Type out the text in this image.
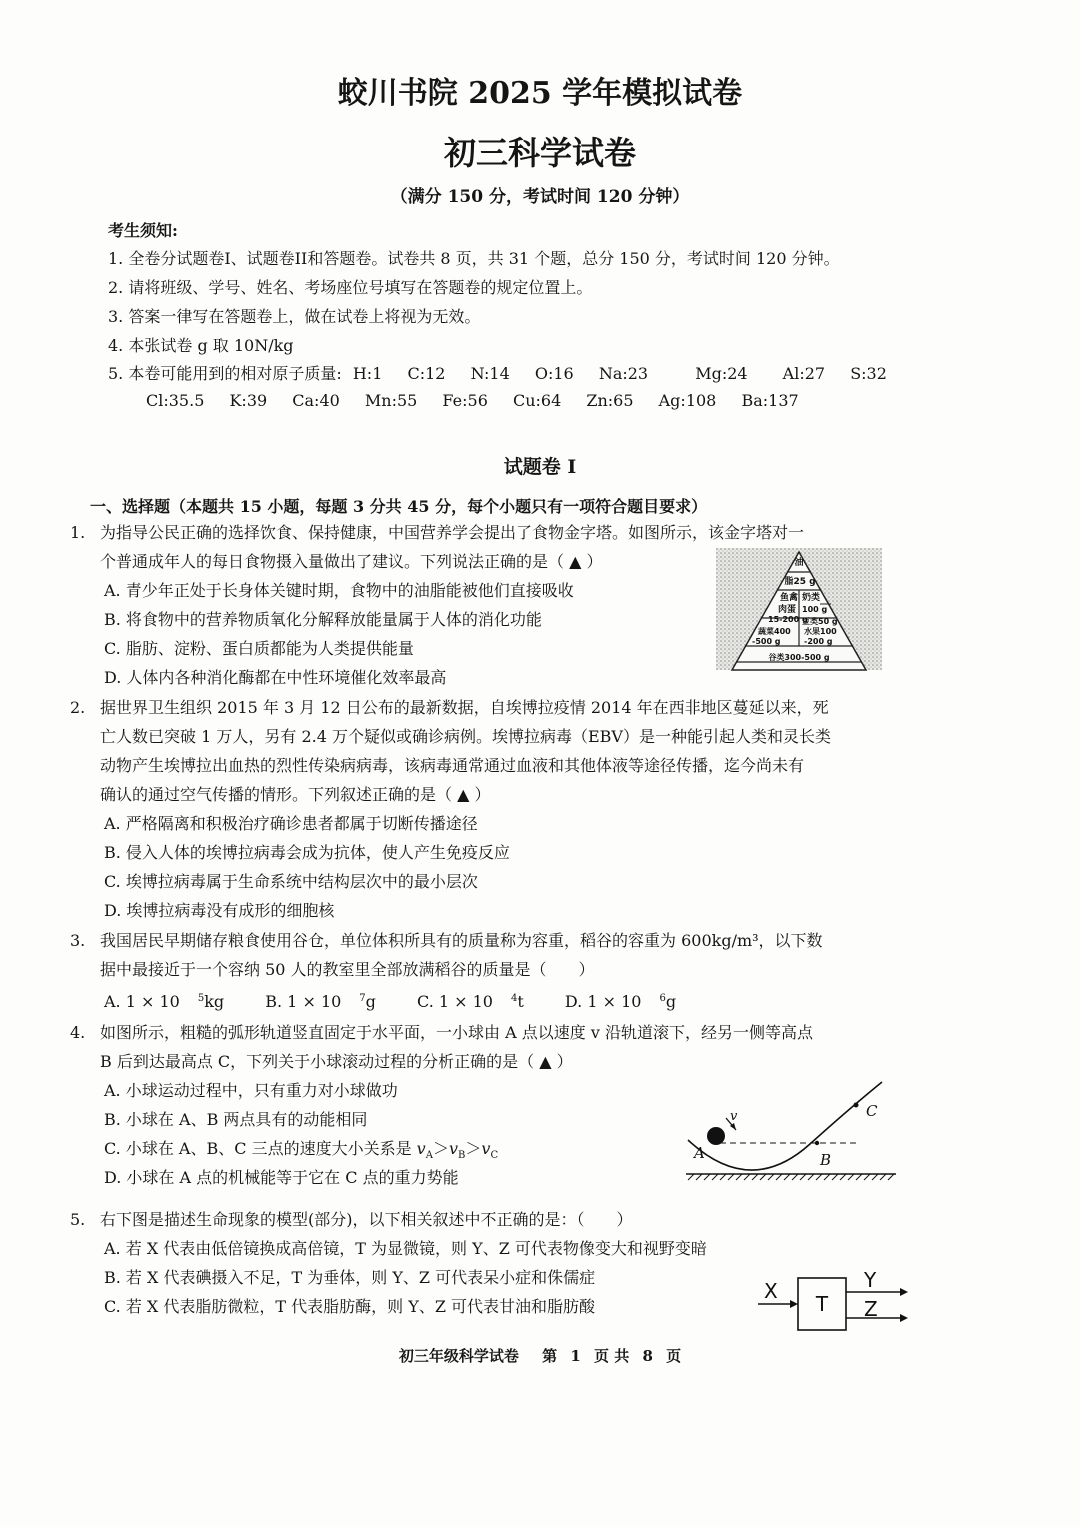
蛟川书院 2025 学年模拟试卷
初三科学试卷
（满分 150 分，考试时间 120 分钟）
考生须知:
1. 全卷分试题卷I、试题卷II和答题卷。试卷共 8 页，共 31 个题，总分 150 分，考试时间 120 分钟。
2. 请将班级、学号、姓名、考场座位号填写在答题卷的规定位置上。
3. 答案一律写在答题卷上，做在试卷上将视为无效。
4. 本张试卷 g 取 10N/kg
5. 本卷可能用到的相对原子质量: H:1 C:12 N:14 O:16 Na:23	Mg:24 Al:27 S:32
Cl:35.5 K:39 Ca:40 Mn:55 Fe:56 Cu:64 Zn:65 Ag:108 Ba:137
试题卷 I
一、选择题（本题共 15 小题，每题 3 分共 45 分，每个小题只有一项符合题目要求）
1. 为指导公民正确的选择饮食、保持健康，中国营养学会提出了食物金字塔。如图所示，该金字塔对一
个普通成年人的每日食物摄入量做出了建议。下列说法正确的是（ ▲ ）
A. 青少年正处于长身体关键时期，食物中的油脂能被他们直接吸收
B. 将食物中的营养物质氧化分解释放能量属于人体的消化功能
C. 脂肪、淀粉、蛋白质都能为人类提供能量
D. 人体内各种消化酶都在中性环境催化效率最高
油
脂25 g
鱼禽
肉蛋
15-200 g
奶类
100 g
豆类50 g
蔬菜400
-500 g
水果100
-200 g
谷类300-500 g
2. 据世界卫生组织 2015 年 3 月 12 日公布的最新数据，自埃博拉疫情 2014 年在西非地区蔓延以来，死
亡人数已突破 1 万人，另有 2.4 万个疑似或确诊病例。埃博拉病毒（EBV）是一种能引起人类和灵长类
动物产生埃博拉出血热的烈性传染病病毒，该病毒通常通过血液和其他体液等途径传播，迄今尚未有
确认的通过空气传播的情形。下列叙述正确的是（ ▲ ）
A. 严格隔离和积极治疗确诊患者都属于切断传播途径
B. 侵入人体的埃博拉病毒会成为抗体，使人产生免疫反应
C. 埃博拉病毒属于生命系统中结构层次中的最小层次
D. 埃博拉病毒没有成形的细胞核
3. 我国居民早期储存粮食使用谷仓，单位体积所具有的质量称为容重，稻谷的容重为 600kg/m³，以下数
据中最接近于一个容纳 50 人的教室里全部放满稻谷的质量是（　　）
A. 1 × 10 $^5$kg	B. 1 × 10 $^7$g	C. 1 × 10 $^4$t	D. 1 × 10 $^6$g
4. 如图所示，粗糙的弧形轨道竖直固定于水平面，一小球由 A 点以速度 v 沿轨道滚下，经另一侧等高点
B 后到达最高点 C，下列关于小球滚动过程的分析正确的是（ ▲ ）
A. 小球运动过程中，只有重力对小球做功
B. 小球在 A、B 两点具有的动能相同
C. 小球在 A、B、C 三点的速度大小关系是 $v_A>v_B>v_C$
D. 小球在 A 点的机械能等于它在 C 点的重力势能
A	B
C
v
5. 右下图是描述生命现象的模型(部分)，以下相关叙述中不正确的是：（　　）
A. 若 X 代表由低倍镜换成高倍镜，T 为显微镜，则 Y、Z 可代表物像变大和视野变暗
B. 若 X 代表碘摄入不足，T 为垂体，则 Y、Z 可代表呆小症和侏儒症
C. 若 X 代表脂肪微粒，T 代表脂肪酶，则 Y、Z 可代表甘油和脂肪酸
X
T
Y
Z
初三年级科学试卷 第 1 页 共 8 页
